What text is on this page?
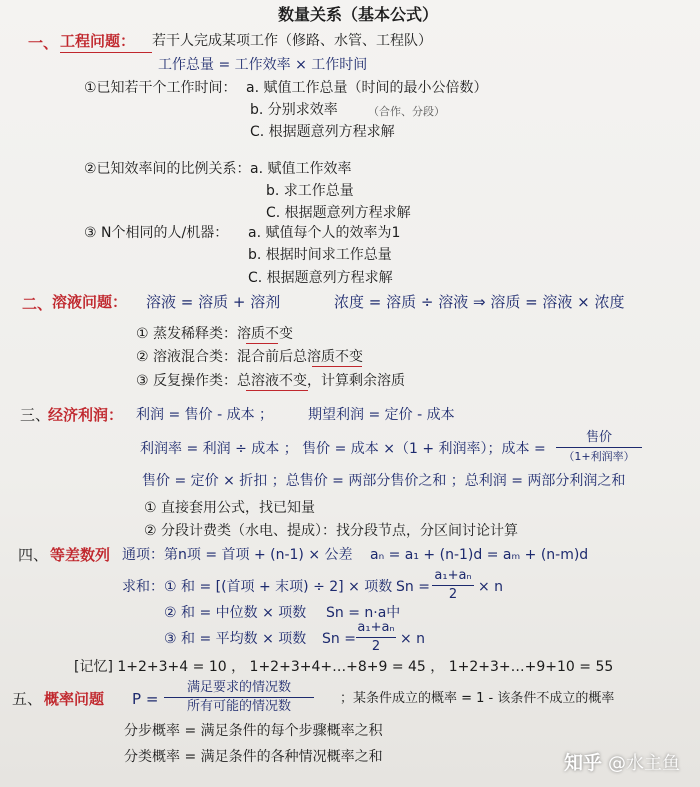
数量关系（基本公式）
一、 工程问题： 若干人完成某项工作（修路、水管、工程队）
工作总量 = 工作效率 × 工作时间
①已知若干个工作时间： a. 赋值工作总量（时间的最小公倍数）
b. 分别求效率	（合作、分段）
C. 根据题意列方程求解
②已知效率间的比例关系： a. 赋值工作效率
b. 求工作总量
C. 根据题意列方程求解
③ N个相同的人/机器： a. 赋值每个人的效率为1
b. 根据时间求工作总量
C. 根据题意列方程求解
二、 溶液问题： 溶液 = 溶质 + 溶剂	浓度 = 溶质 ÷ 溶液 ⇒ 溶质 = 溶液 × 浓度
① 蒸发稀释类：溶质不变
② 溶液混合类：混合前后总溶质不变
③ 反复操作类：总溶液不变，计算剩余溶质
三、
经济利润： 利润 = 售价 - 成本 ； 期望利润 = 定价 - 成本
利润率 = 利润 ÷ 成本 ； 售价 = 成本 ×（1 + 利润率）；成本 =
售价
（1+利润率）
售价 = 定价 × 折扣 ；总售价 = 两部分售价之和 ；总利润 = 两部分利润之和
① 直接套用公式，找已知量
② 分段计费类（水电、提成）：找分段节点，分区间讨论计算
四、 等差数列 通项：第n项 = 首项 + (n-1) × 公差 aₙ = a₁ + (n-1)d = aₘ + (n-m)d
求和：① 和 = [(首项 + 末项) ÷ 2] × 项数 Sn =
a₁+aₙ
2	× n
② 和 = 中位数 × 项数 Sn = n·a中
③ 和 = 平均数 × 项数 Sn =
a₁+aₙ
2	× n
[记忆] 1+2+3+4 = 10 ， 1+2+3+4+…+8+9 = 45 ， 1+2+3+…+9+10 = 55
五、 概率问题 P =
满足要求的情况数
所有可能的情况数
；某条件成立的概率 = 1 - 该条件不成立的概率
分步概率 = 满足条件的每个步骤概率之积
分类概率 = 满足条件的各种情况概率之和	知乎 @水主鱼
